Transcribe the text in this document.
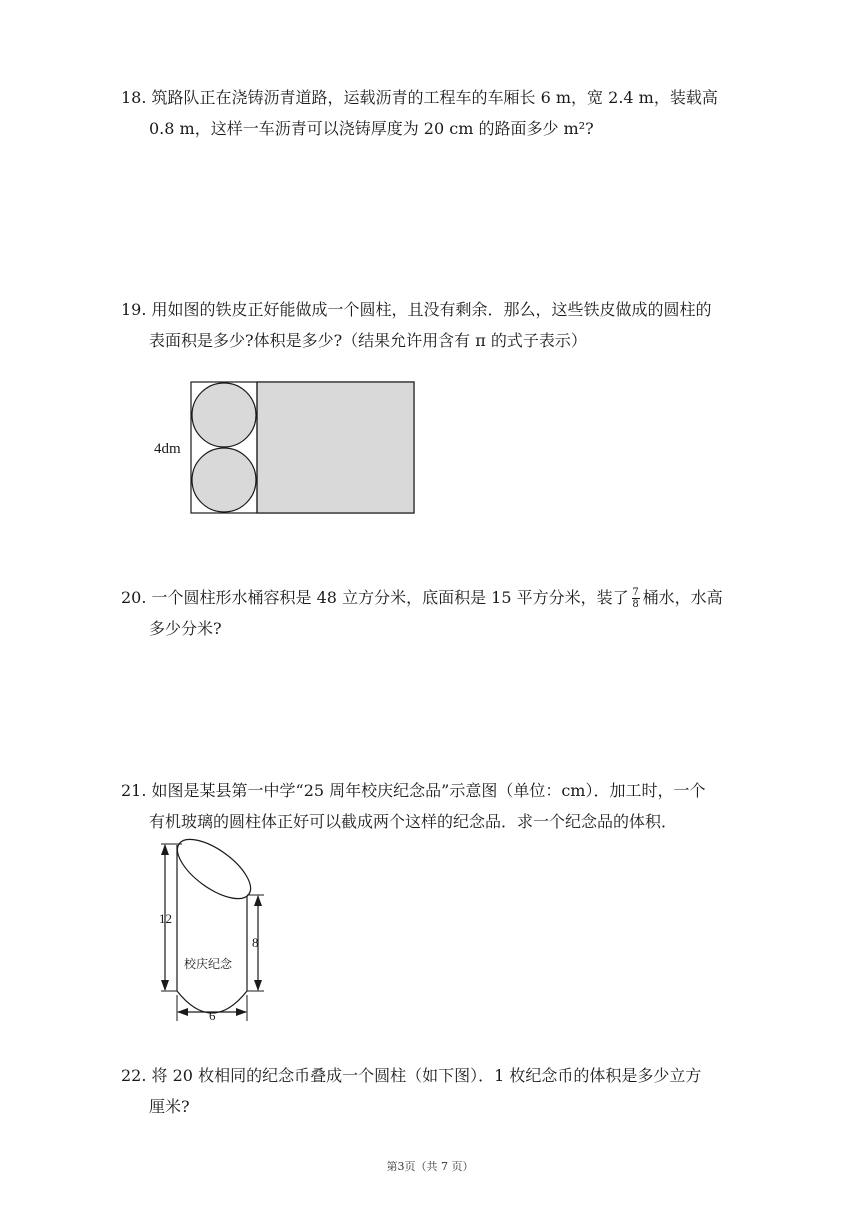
18. 筑路队正在浇铸沥青道路，运载沥青的工程车的车厢长 6 m，宽 2.4 m，装载高
0.8 m，这样一车沥青可以浇铸厚度为 20 cm 的路面多少 m²?
19. 用如图的铁皮正好能做成一个圆柱，且没有剩余．那么，这些铁皮做成的圆柱的
表面积是多少?体积是多少?（结果允许用含有 π 的式子表示）
4dm
20. 一个圆柱形水桶容积是 48 立方分米，底面积是 15 平方分米，装了 $\frac{7}{8}$ 桶水，水高
多少分米?
21. 如图是某县第一中学“25 周年校庆纪念品”示意图（单位：cm）．加工时，一个
有机玻璃的圆柱体正好可以截成两个这样的纪念品．求一个纪念品的体积．
12
8
6
校庆纪念
22. 将 20 枚相同的纪念币叠成一个圆柱（如下图）．1 枚纪念币的体积是多少立方
厘米?
第3页（共 7 页）
